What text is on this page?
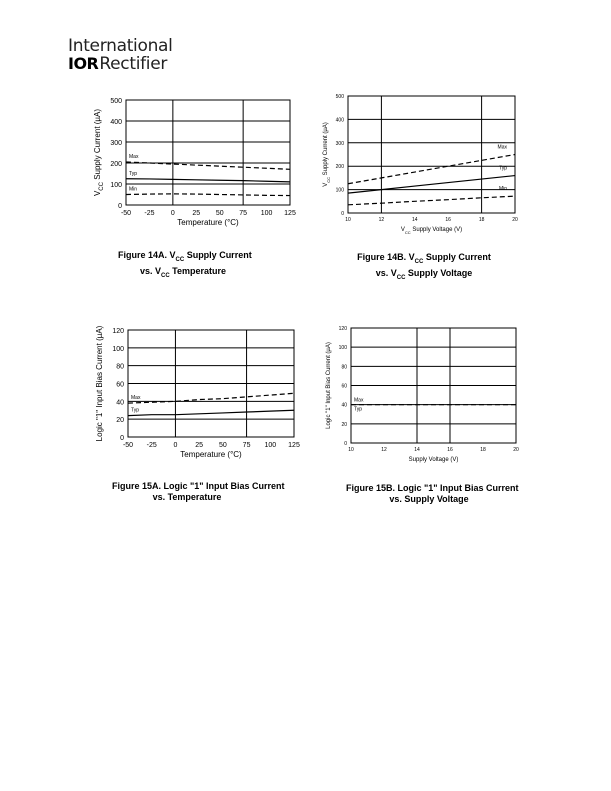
International
IOR Rectifier
0
100
200
300
400
500
-50 -25 0	25 50 75 100 125
Temperature (°C)
$V_{CC}$ Supply Current (µA)	Max
Typ
Min
0
100
200
300
400
500
10	12	14	16	18	20
$V_{CC}$ Supply Voltage (V)
$V_{CC}$ Supply Current (µA)	Max
Typ
Min
0
20
40
60
80
100
120
-50 -25 0	25 50 75 100 125
Temperature (°C)
Logic "1" Input Bias Current (µA)	Max
Typ
0
20
40
60
80
100
120
10	12	14	16	18	20
Supply Voltage (V)
Logic "1" Input Bias Current (µA)	Max
Typ
Figure 14A. $V_{CC}$ Supply Current
vs. $V_{CC}$ Temperature
Figure 14B. $V_{CC}$ Supply Current
vs. $V_{CC}$ Supply Voltage
Figure 15A. Logic "1" Input Bias Current
vs. Temperature
Figure 15B. Logic "1" Input Bias Current
vs. Supply Voltage
